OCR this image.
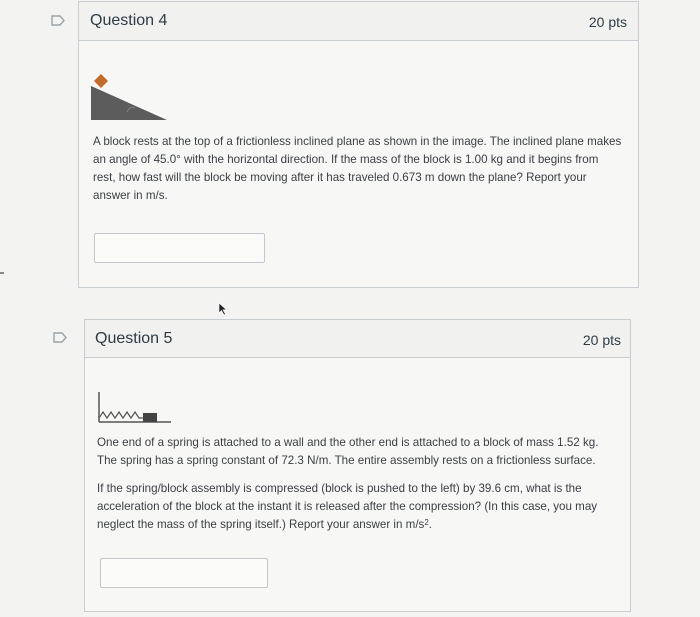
Question 4	20 pts

A block rests at the top of a frictionless inclined plane as shown in the image. The inclined plane makes an angle of 45.0° with the horizontal direction. If the mass of the block is 1.00 kg and it begins from rest, how fast will the block be moving after it has traveled 0.673 m down the plane? Report your answer in m/s.

Question 5	20 pts

One end of a spring is attached to a wall and the other end is attached to a block of mass 1.52 kg. The spring has a spring constant of 72.3 N/m. The entire assembly rests on a frictionless surface.

If the spring/block assembly is compressed (block is pushed to the left) by 39.6 cm, what is the acceleration of the block at the instant it is released after the compression? (In this case, you may neglect the mass of the spring itself.) Report your answer in $m/s^2$.
